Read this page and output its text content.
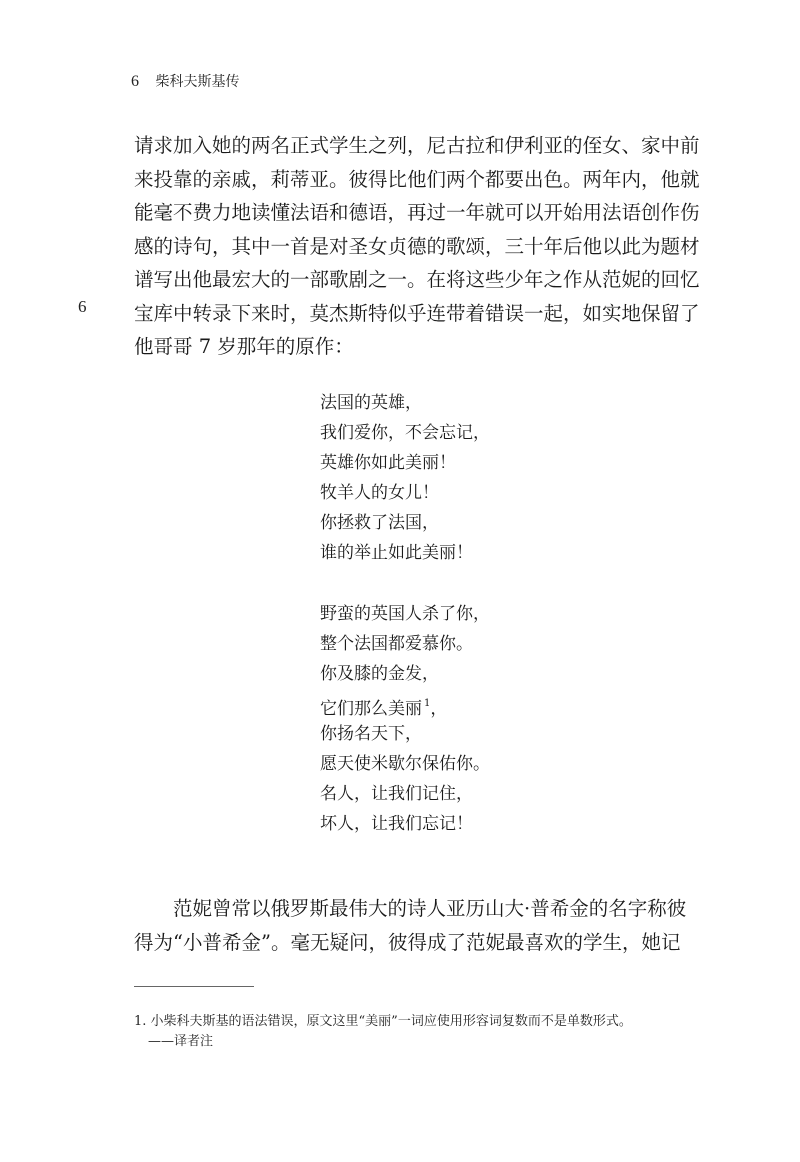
6 柴科夫斯基传
6
请求加入她的两名正式学生之列，尼古拉和伊利亚的侄女、家中前
来投靠的亲戚，莉蒂亚。彼得比他们两个都要出色。两年内，他就
能毫不费力地读懂法语和德语，再过一年就可以开始用法语创作伤
感的诗句，其中一首是对圣女贞德的歌颂，三十年后他以此为题材
谱写出他最宏大的一部歌剧之一。在将这些少年之作从范妮的回忆
宝库中转录下来时，莫杰斯特似乎连带着错误一起，如实地保留了
他哥哥 7 岁那年的原作：
法国的英雄，
我们爱你，不会忘记，
英雄你如此美丽！
牧羊人的女儿！
你拯救了法国，
谁的举止如此美丽！
野蛮的英国人杀了你，
整个法国都爱慕你。
你及膝的金发，
它们那么美丽 $^1$，
你扬名天下，
愿天使米歇尔保佑你。
名人，让我们记住，
坏人，让我们忘记！
范妮曾常以俄罗斯最伟大的诗人亚历山大·普希金的名字称彼
得为“小普希金”。毫无疑问，彼得成了范妮最喜欢的学生，她记
1. 小柴科夫斯基的语法错误，原文这里“美丽”一词应使用形容词复数而不是单数形式。
——译者注
